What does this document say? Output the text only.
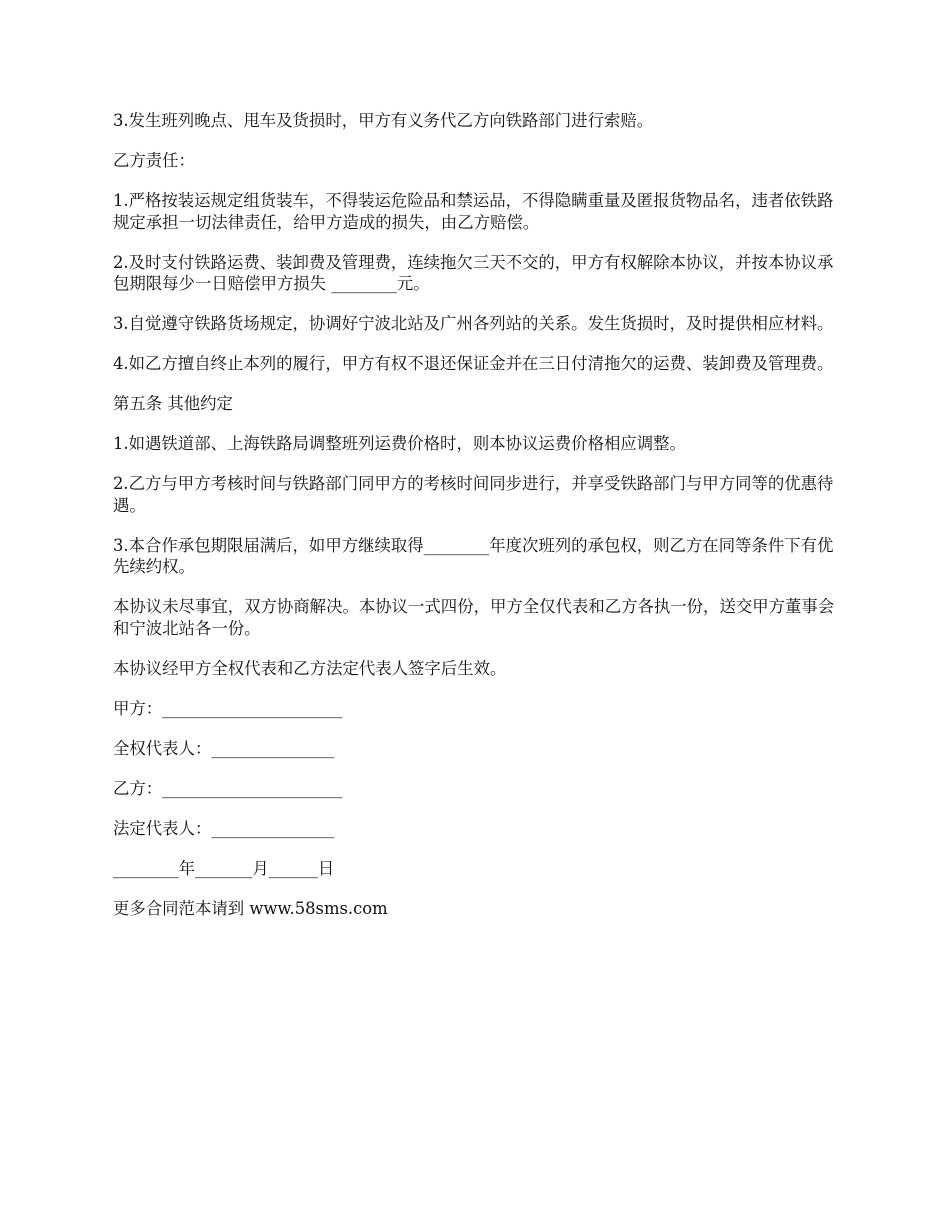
3.发生班列晚点、甩车及货损时，甲方有义务代乙方向铁路部门进行索赔。

乙方责任：

1.严格按装运规定组货装车，不得装运危险品和禁运品，不得隐瞒重量及匿报货物品名，违者依铁路规定承担一切法律责任，给甲方造成的损失，由乙方赔偿。

2.及时支付铁路运费、装卸费及管理费，连续拖欠三天不交的，甲方有权解除本协议，并按本协议承包期限每少一日赔偿甲方损失 ________元。

3.自觉遵守铁路货场规定，协调好宁波北站及广州各列站的关系。发生货损时，及时提供相应材料。

4.如乙方擅自终止本列的履行，甲方有权不退还保证金并在三日付清拖欠的运费、装卸费及管理费。

第五条 其他约定

1.如遇铁道部、上海铁路局调整班列运费价格时，则本协议运费价格相应调整。

2.乙方与甲方考核时间与铁路部门同甲方的考核时间同步进行，并享受铁路部门与甲方同等的优惠待遇。

3.本合作承包期限届满后，如甲方继续取得________年度次班列的承包权，则乙方在同等条件下有优先续约权。

本协议未尽事宜，双方协商解决。本协议一式四份，甲方全仅代表和乙方各执一份，送交甲方董事会和宁波北站各一份。

本协议经甲方全权代表和乙方法定代表人签字后生效。

甲方：______________________

全权代表人：_______________

乙方：______________________

法定代表人：_______________

________年_______月______日

更多合同范本请到 www.58sms.com
